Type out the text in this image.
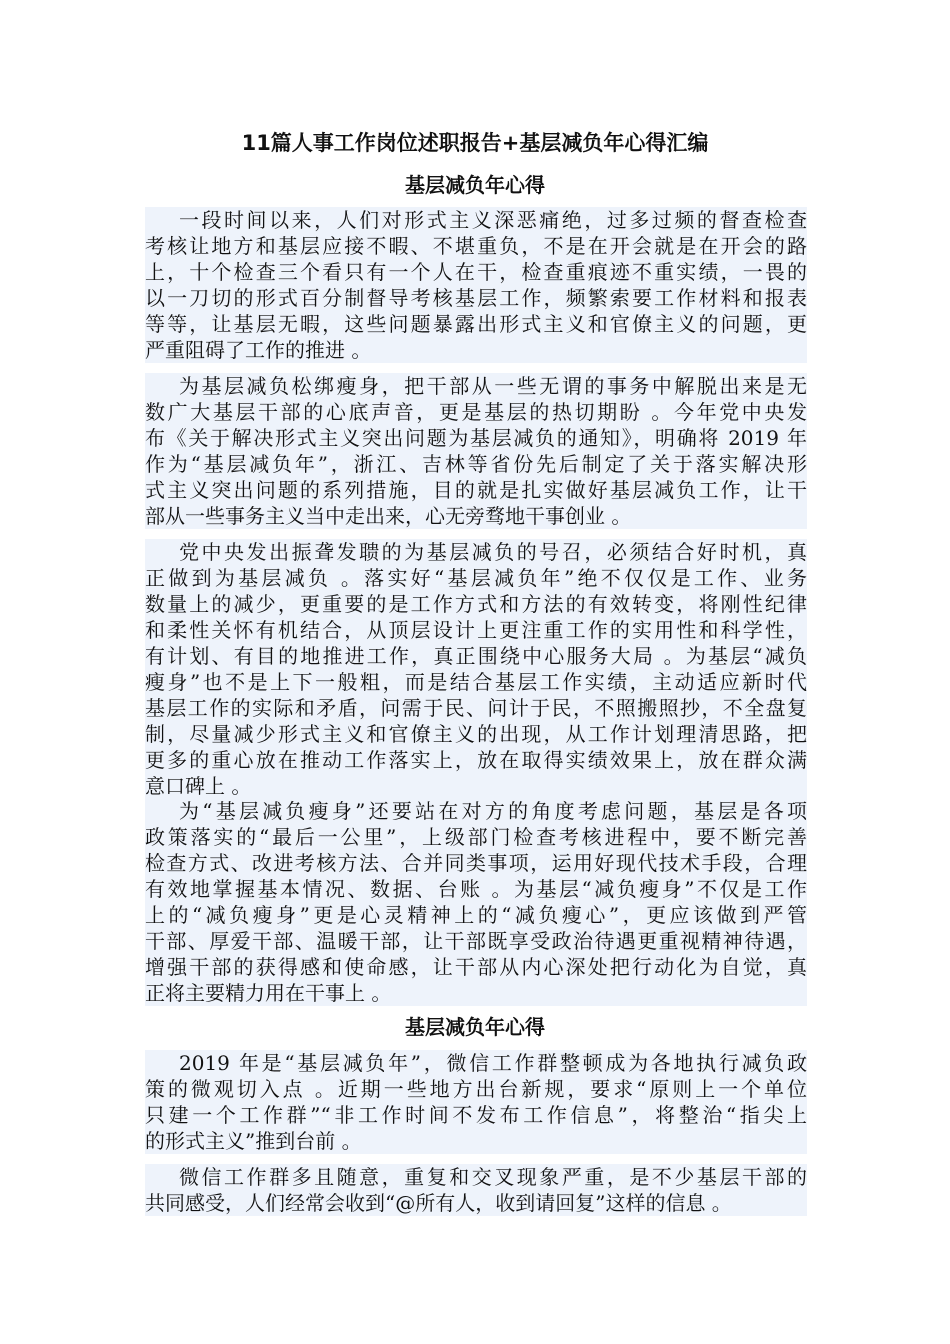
11篇人事工作岗位述职报告+基层减负年心得汇编
基层减负年心得
一段时间以来，人们对形式主义深恶痛绝，过多过频的督查检查
考核让地方和基层应接不暇、不堪重负，不是在开会就是在开会的路
上，十个检查三个看只有一个人在干，检查重痕迹不重实绩，一畏的
以一刀切的形式百分制督导考核基层工作，频繁索要工作材料和报表
等等，让基层无暇，这些问题暴露出形式主义和官僚主义的问题，更
严重阻碍了工作的推进 。
为基层减负松绑瘦身，把干部从一些无谓的事务中解脱出来是无
数广大基层干部的心底声音，更是基层的热切期盼 。今年党中央发
布《关于解决形式主义突出问题为基层减负的通知》，明确将 2019 年
作为“基层减负年”，浙江、吉林等省份先后制定了关于落实解决形
式主义突出问题的系列措施，目的就是扎实做好基层减负工作，让干
部从一些事务主义当中走出来，心无旁骛地干事创业 。
党中央发出振聋发聩的为基层减负的号召，必须结合好时机，真
正做到为基层减负 。落实好“基层减负年”绝不仅仅是工作、业务
数量上的减少，更重要的是工作方式和方法的有效转变，将刚性纪律
和柔性关怀有机结合，从顶层设计上更注重工作的实用性和科学性，
有计划、有目的地推进工作，真正围绕中心服务大局 。为基层“减负
瘦身”也不是上下一般粗，而是结合基层工作实绩，主动适应新时代
基层工作的实际和矛盾，问需于民、问计于民，不照搬照抄，不全盘复
制，尽量减少形式主义和官僚主义的出现，从工作计划理清思路，把
更多的重心放在推动工作落实上，放在取得实绩效果上，放在群众满
意口碑上 。
为“基层减负瘦身”还要站在对方的角度考虑问题，基层是各项
政策落实的“最后一公里”，上级部门检查考核进程中，要不断完善
检查方式、改进考核方法、合并同类事项，运用好现代技术手段，合理
有效地掌握基本情况、数据、台账 。为基层“减负瘦身”不仅是工作
上的“减负瘦身”更是心灵精神上的“减负瘦心”，更应该做到严管
干部、厚爱干部、温暖干部，让干部既享受政治待遇更重视精神待遇，
增强干部的获得感和使命感，让干部从内心深处把行动化为自觉，真
正将主要精力用在干事上 。
基层减负年心得
2019 年是“基层减负年”，微信工作群整顿成为各地执行减负政
策的微观切入点 。近期一些地方出台新规，要求“原则上一个单位
只建一个工作群”“非工作时间不发布工作信息”，将整治“指尖上
的形式主义”推到台前 。
微信工作群多且随意，重复和交叉现象严重，是不少基层干部的
共同感受，人们经常会收到“@所有人，收到请回复”这样的信息 。
